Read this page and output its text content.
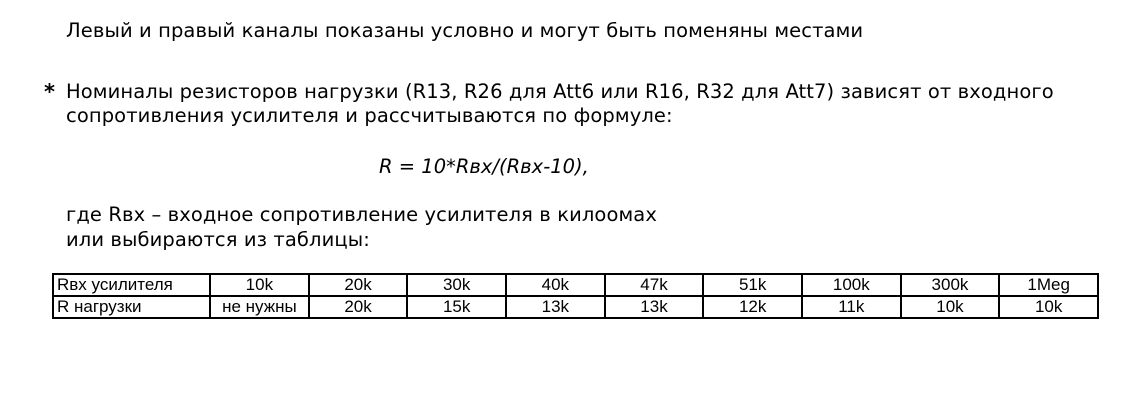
Левый и правый каналы показаны условно и могут быть поменяны местами
* Номиналы резисторов нагрузки (R13, R26 для Att6 или R16, R32 для Att7) зависят от входного
сопротивления усилителя и рассчитываются по формуле:
R = 10*Rвх/(Rвх-10),
где Rвх – входное сопротивление усилителя в килоомах
или выбираются из таблицы:
Rвх усилителя	10k	20k	30k	40k	47k	51k	100k	300k	1Meg
R нагрузки	не нужны	20k	15k	13k	13k	12k	11k	10k	10k
